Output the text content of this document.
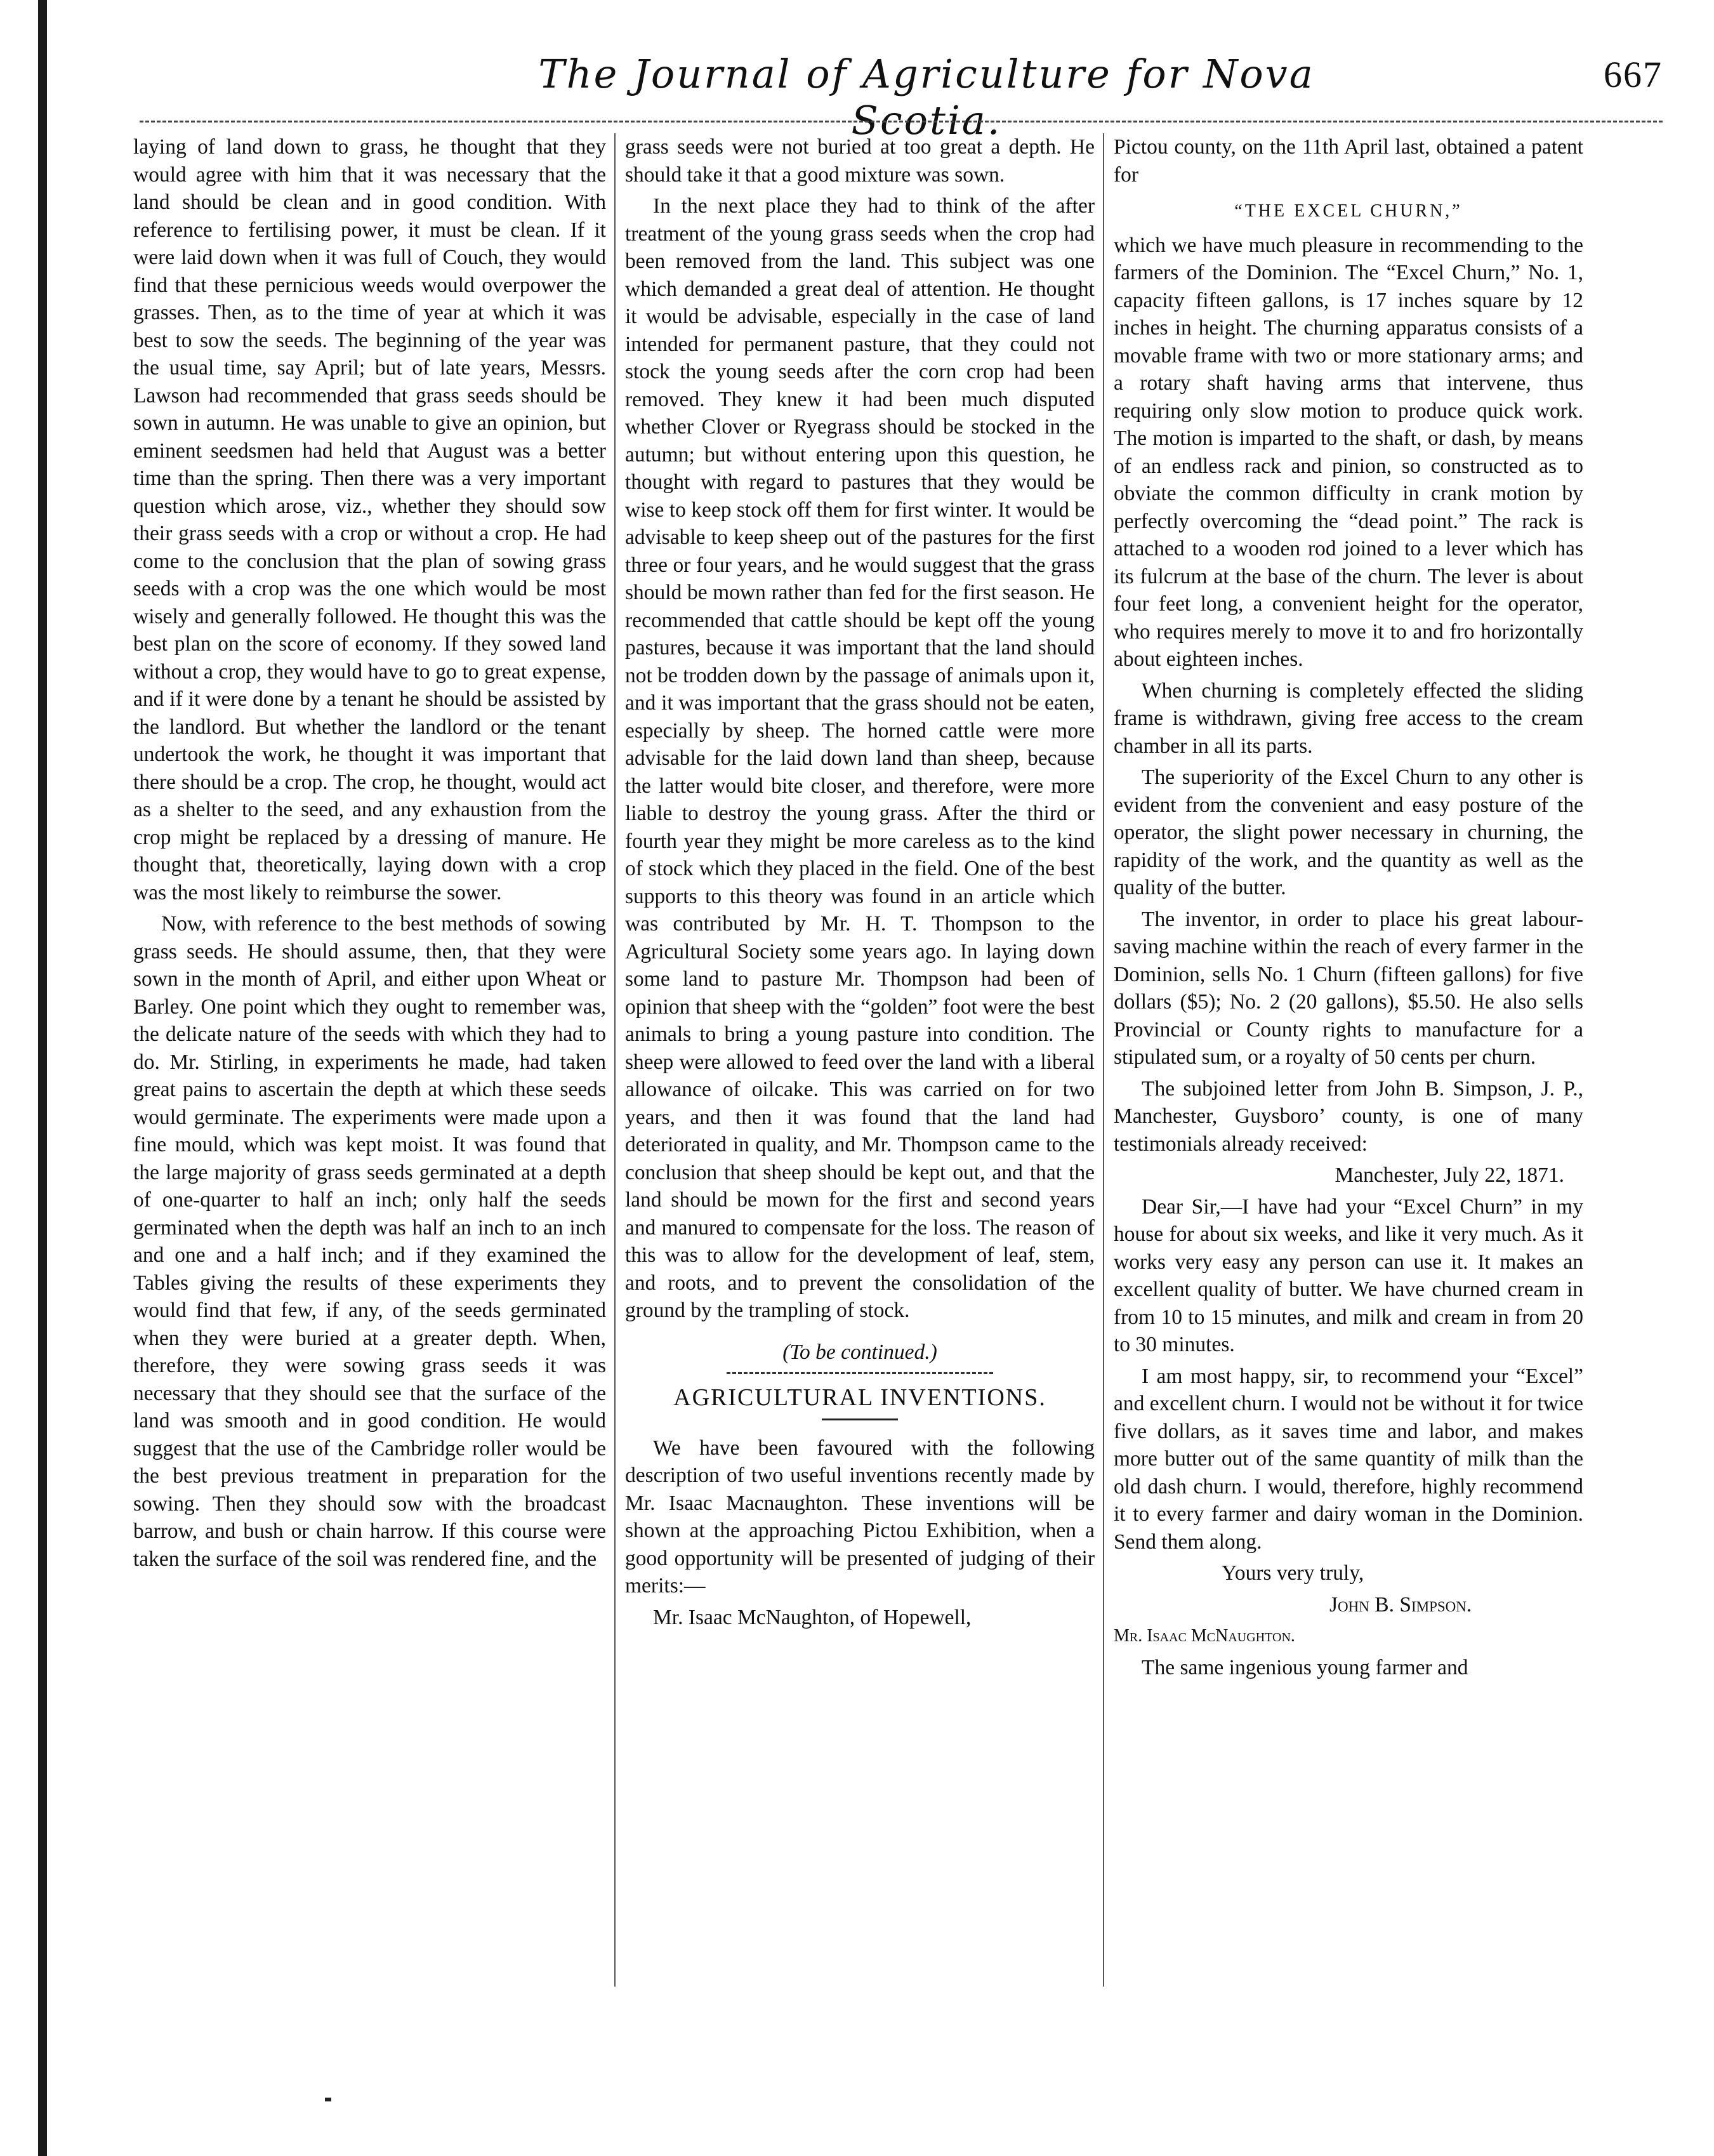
The Journal of Agriculture for Nova Scotia.
667

laying of land down to grass, he thought that they would agree with him that it was necessary that the land should be clean and in good condition. With reference to fertilising power, it must be clean. If it were laid down when it was full of Couch, they would find that these pernicious weeds would overpower the grasses. Then, as to the time of year at which it was best to sow the seeds. The beginning of the year was the usual time, say April; but of late years, Messrs. Lawson had recommended that grass seeds should be sown in autumn. He was unable to give an opinion, but eminent seedsmen had held that August was a better time than the spring. Then there was a very important question which arose, viz., whether they should sow their grass seeds with a crop or without a crop. He had come to the conclusion that the plan of sowing grass seeds with a crop was the one which would be most wisely and generally followed. He thought this was the best plan on the score of economy. If they sowed land without a crop, they would have to go to great expense, and if it were done by a tenant he should be assisted by the landlord. But whether the landlord or the tenant undertook the work, he thought it was important that there should be a crop. The crop, he thought, would act as a shelter to the seed, and any exhaustion from the crop might be replaced by a dressing of manure. He thought that, theoretically, laying down with a crop was the most likely to reimburse the sower.

Now, with reference to the best methods of sowing grass seeds. He should assume, then, that they were sown in the month of April, and either upon Wheat or Barley. One point which they ought to remember was, the delicate nature of the seeds with which they had to do. Mr. Stirling, in experiments he made, had taken great pains to ascertain the depth at which these seeds would germinate. The experiments were made upon a fine mould, which was kept moist. It was found that the large majority of grass seeds germinated at a depth of one-quarter to half an inch; only half the seeds germinated when the depth was half an inch to an inch and one and a half inch; and if they examined the Tables giving the results of these experiments they would find that few, if any, of the seeds germinated when they were buried at a greater depth. When, therefore, they were sowing grass seeds it was necessary that they should see that the surface of the land was smooth and in good condition. He would suggest that the use of the Cambridge roller would be the best previous treatment in preparation for the sowing. Then they should sow with the broadcast barrow, and bush or chain harrow. If this course were taken the surface of the soil was rendered fine, and the

grass seeds were not buried at too great a depth. He should take it that a good mixture was sown.

In the next place they had to think of the after treatment of the young grass seeds when the crop had been removed from the land. This subject was one which demanded a great deal of attention. He thought it would be advisable, especially in the case of land intended for permanent pasture, that they could not stock the young seeds after the corn crop had been removed. They knew it had been much disputed whether Clover or Ryegrass should be stocked in the autumn; but without entering upon this question, he thought with regard to pastures that they would be wise to keep stock off them for first winter. It would be advisable to keep sheep out of the pastures for the first three or four years, and he would suggest that the grass should be mown rather than fed for the first season. He recommended that cattle should be kept off the young pastures, because it was important that the land should not be trodden down by the passage of animals upon it, and it was important that the grass should not be eaten, especially by sheep. The horned cattle were more advisable for the laid down land than sheep, because the latter would bite closer, and therefore, were more liable to destroy the young grass. After the third or fourth year they might be more careless as to the kind of stock which they placed in the field. One of the best supports to this theory was found in an article which was contributed by Mr. H. T. Thompson to the Agricultural Society some years ago. In laying down some land to pasture Mr. Thompson had been of opinion that sheep with the “golden” foot were the best animals to bring a young pasture into condition. The sheep were allowed to feed over the land with a liberal allowance of oilcake. This was carried on for two years, and then it was found that the land had deteriorated in quality, and Mr. Thompson came to the conclusion that sheep should be kept out, and that the land should be mown for the first and second years and manured to compensate for the loss. The reason of this was to allow for the development of leaf, stem, and roots, and to prevent the consolidation of the ground by the trampling of stock.

(To be continued.)

AGRICULTURAL INVENTIONS.

We have been favoured with the following description of two useful inventions recently made by Mr. Isaac Macnaughton. These inventions will be shown at the approaching Pictou Exhibition, when a good opportunity will be presented of judging of their merits:—

Mr. Isaac McNaughton, of Hopewell,

Pictou county, on the 11th April last, obtained a patent for

“THE EXCEL CHURN,”

which we have much pleasure in recommending to the farmers of the Dominion. The “Excel Churn,” No. 1, capacity fifteen gallons, is 17 inches square by 12 inches in height. The churning apparatus consists of a movable frame with two or more stationary arms; and a rotary shaft having arms that intervene, thus requiring only slow motion to produce quick work. The motion is imparted to the shaft, or dash, by means of an endless rack and pinion, so constructed as to obviate the common difficulty in crank motion by perfectly overcoming the “dead point.” The rack is attached to a wooden rod joined to a lever which has its fulcrum at the base of the churn. The lever is about four feet long, a convenient height for the operator, who requires merely to move it to and fro horizontally about eighteen inches.

When churning is completely effected the sliding frame is withdrawn, giving free access to the cream chamber in all its parts.

The superiority of the Excel Churn to any other is evident from the convenient and easy posture of the operator, the slight power necessary in churning, the rapidity of the work, and the quantity as well as the quality of the butter.

The inventor, in order to place his great labour-saving machine within the reach of every farmer in the Dominion, sells No. 1 Churn (fifteen gallons) for five dollars ($5); No. 2 (20 gallons), $5.50. He also sells Provincial or County rights to manufacture for a stipulated sum, or a royalty of 50 cents per churn.

The subjoined letter from John B. Simpson, J. P., Manchester, Guysboro’ county, is one of many testimonials already received:

Manchester, July 22, 1871.

Dear Sir,—I have had your “Excel Churn” in my house for about six weeks, and like it very much. As it works very easy any person can use it. It makes an excellent quality of butter. We have churned cream in from 10 to 15 minutes, and milk and cream in from 20 to 30 minutes.

I am most happy, sir, to recommend your “Excel” and excellent churn. I would not be without it for twice five dollars, as it saves time and labor, and makes more butter out of the same quantity of milk than the old dash churn. I would, therefore, highly recommend it to every farmer and dairy woman in the Dominion. Send them along.

Yours very truly,

John B. Simpson.

Mr. Isaac McNaughton.

The same ingenious young farmer and
